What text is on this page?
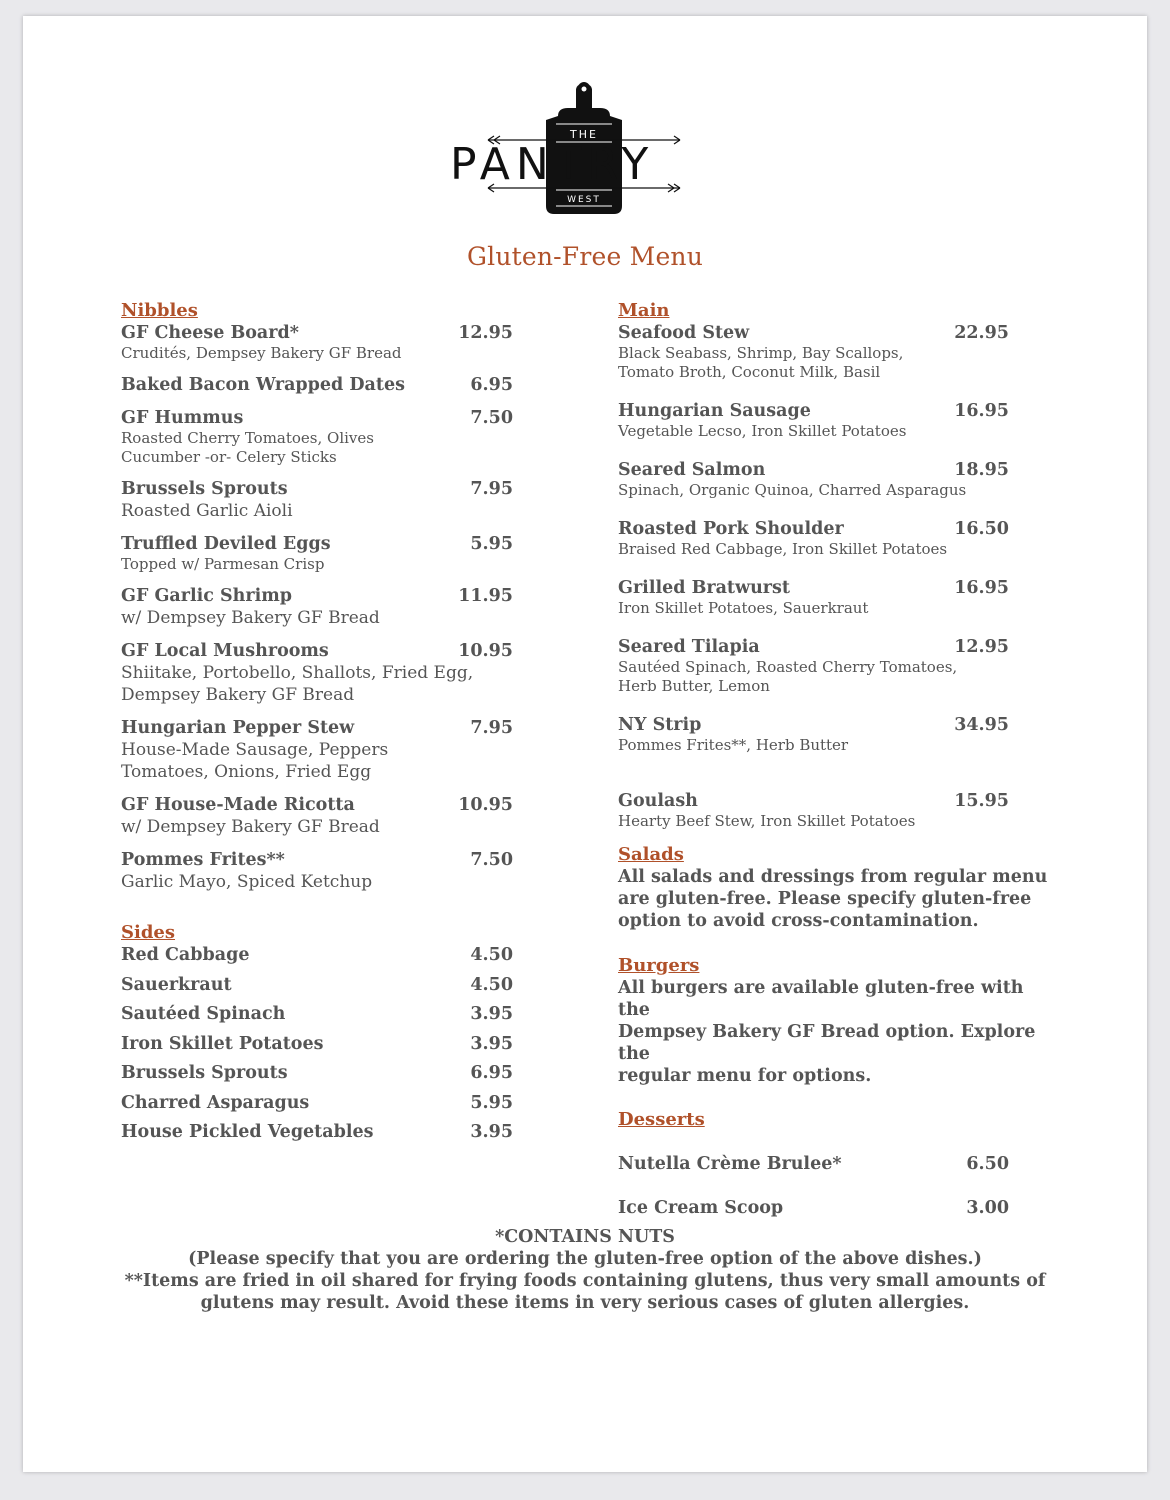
THE
WEST
PANTRY
Gluten-Free Menu
Nibbles
GF Cheese Board*	12.95
Crudités, Dempsey Bakery GF Bread
Baked Bacon Wrapped Dates	6.95
GF Hummus	7.50
Roasted Cherry Tomatoes, Olives
Cucumber -or- Celery Sticks
Brussels Sprouts	7.95
Roasted Garlic Aioli
Truffled Deviled Eggs	5.95
Topped w/ Parmesan Crisp
GF Garlic Shrimp	11.95
w/ Dempsey Bakery GF Bread
GF Local Mushrooms	10.95
Shiitake, Portobello, Shallots, Fried Egg,
Dempsey Bakery GF Bread
Hungarian Pepper Stew	7.95
House-Made Sausage, Peppers
Tomatoes, Onions, Fried Egg
GF House-Made Ricotta	10.95
w/ Dempsey Bakery GF Bread
Pommes Frites**	7.50
Garlic Mayo, Spiced Ketchup
Sides
Red Cabbage	4.50
Sauerkraut	4.50
Sautéed Spinach	3.95
Iron Skillet Potatoes	3.95
Brussels Sprouts	6.95
Charred Asparagus	5.95
House Pickled Vegetables	3.95
Main
Seafood Stew	22.95
Black Seabass, Shrimp, Bay Scallops,
Tomato Broth, Coconut Milk, Basil
Hungarian Sausage	16.95
Vegetable Lecso, Iron Skillet Potatoes
Seared Salmon	18.95
Spinach, Organic Quinoa, Charred Asparagus
Roasted Pork Shoulder	16.50
Braised Red Cabbage, Iron Skillet Potatoes
Grilled Bratwurst	16.95
Iron Skillet Potatoes, Sauerkraut
Seared Tilapia	12.95
Sautéed Spinach, Roasted Cherry Tomatoes,
Herb Butter, Lemon
NY Strip	34.95
Pommes Frites**, Herb Butter
Goulash	15.95
Hearty Beef Stew, Iron Skillet Potatoes
Salads
All salads and dressings from regular menu
are gluten-free. Please specify gluten-free
option to avoid cross-contamination.
Burgers
All burgers are available gluten-free with the
Dempsey Bakery GF Bread option. Explore the
regular menu for options.
Desserts
Nutella Crème Brulee*	6.50
Ice Cream Scoop	3.00
*CONTAINS NUTS
(Please specify that you are ordering the gluten-free option of the above dishes.)
**Items are fried in oil shared for frying foods containing glutens, thus very small amounts of
glutens may result. Avoid these items in very serious cases of gluten allergies.
